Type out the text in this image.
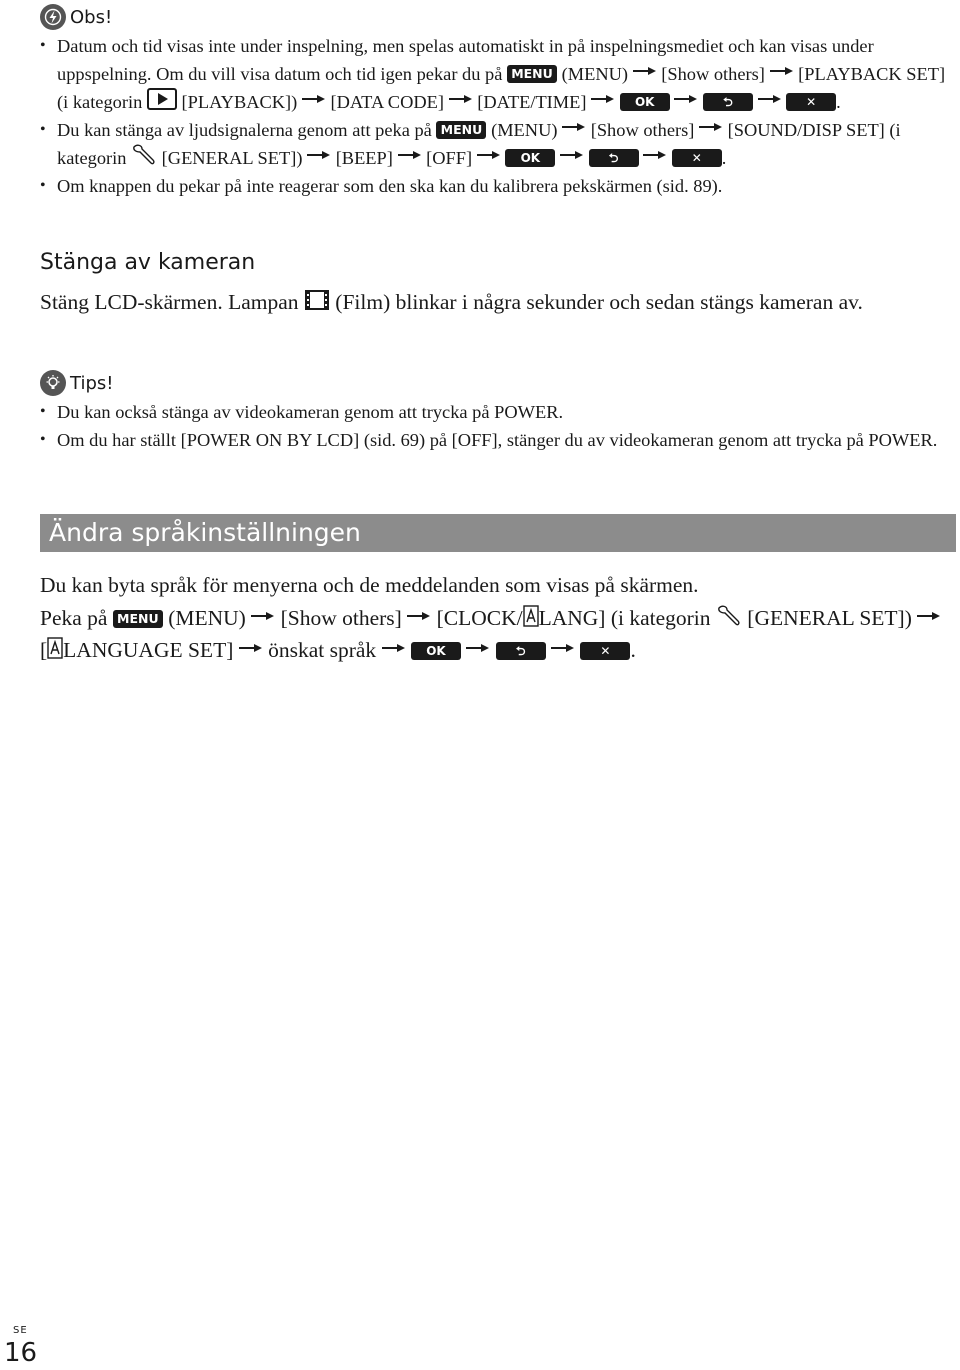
Obs!
• Datum och tid visas inte under inspelning, men spelas automatiskt in på inspelningsmediet och kan visas under uppspelning. Om du vill visa datum och tid igen pekar du på MENU (MENU) [Show others] [PLAYBACK SET] (i kategorin [PLAYBACK]) [DATA CODE] [DATE/TIME]	OK	⮌	✕ .
• Du kan stänga av ljudsignalerna genom att peka på MENU (MENU) [Show others] [SOUND/DISP SET] (i kategorin [GENERAL SET]) [BEEP] [OFF]	OK	⮌	✕ .
• Om knappen du pekar på inte reagerar som den ska kan du kalibrera pekskärmen (sid. 89).
Stänga av kameran

Stäng LCD-skärmen. Lampan (Film) blinkar i några sekunder och sedan stängs kameran av.

Tips!
• Du kan också stänga av videokameran genom att trycka på POWER.
• Om du har ställt [POWER ON BY LCD] (sid. 69) på [OFF], stänger du av videokameran genom att trycka på POWER.
Ändra språkinställningen

Du kan byta språk för menyerna och de meddelanden som visas på skärmen.

Peka på MENU (MENU) [Show others] [CLOCK/ LANG] (i kategorin [GENERAL SET])  [ LANGUAGE SET] önskat språk	OK	⮌	✕ .

SE
16
